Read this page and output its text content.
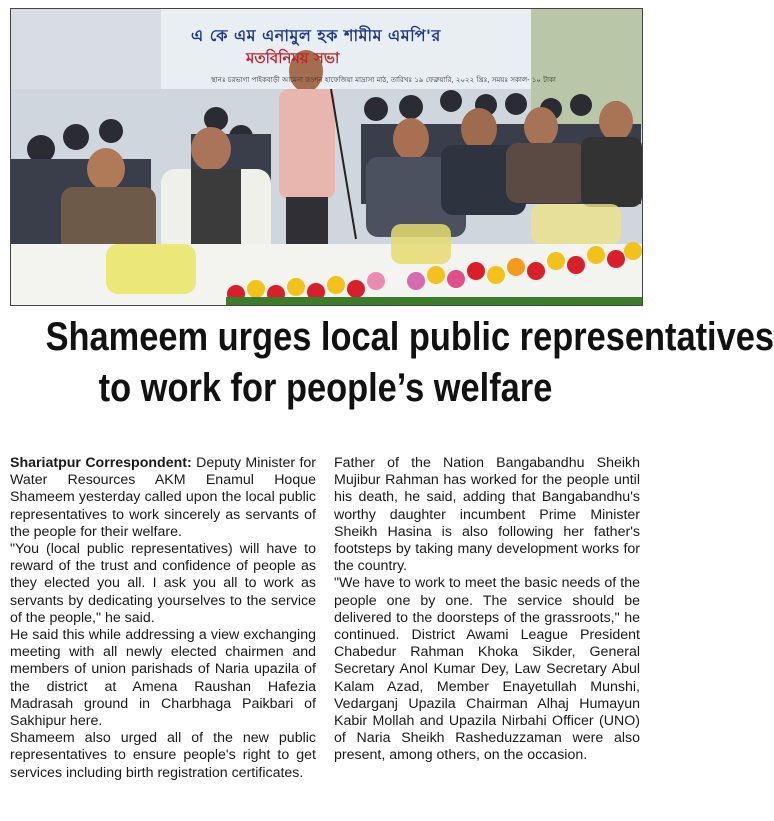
এ কে এম এনামুল হক শামীম এমপি'র
মতবিনিময় সভা
স্থানঃ চরভাগা পাইকবাড়ী আমেনা রওশন হাফেজিয়া মাদ্রাসা মাঠ, তারিখঃ ১৯ ফেব্রুয়ারি, ২০২২ খ্রিঃ, সময়ঃ সকাল- ১০ টাকা
Shameem urges local public representatives
to work for people’s welfare

Shariatpur Correspondent: Deputy Minister for Water Resources AKM Enamul Hoque Shameem yesterday called upon the local public representatives to work sincerely as servants of the people for their welfare.

"You (local public representatives) will have to reward of the trust and confidence of people as they elected you all. I ask you all to work as servants by dedicating yourselves to the service of the people," he said.

He said this while addressing a view exchanging meeting with all newly elected chairmen and members of union parishads of Naria upazila of the district at Amena Raushan Hafezia Madrasah ground in Charbhaga Paikbari of Sakhipur here.

Shameem also urged all of the new public representatives to ensure people's right to get services including birth registration certificates.

Father of the Nation Bangabandhu Sheikh Mujibur Rahman has worked for the people until his death, he said, adding that Bangabandhu's worthy daughter incumbent Prime Minister Sheikh Hasina is also following her father's footsteps by taking many development works for the country.

"We have to work to meet the basic needs of the people one by one. The service should be delivered to the doorsteps of the grassroots," he continued. District Awami League President Chabedur Rahman Khoka Sikder, General Secretary Anol Kumar Dey, Law Secretary Abul Kalam Azad, Member Enayetullah Munshi, Vedarganj Upazila Chairman Alhaj Humayun Kabir Mollah and Upazila Nirbahi Officer (UNO) of Naria Sheikh Rasheduzzaman were also present, among others, on the occasion.
